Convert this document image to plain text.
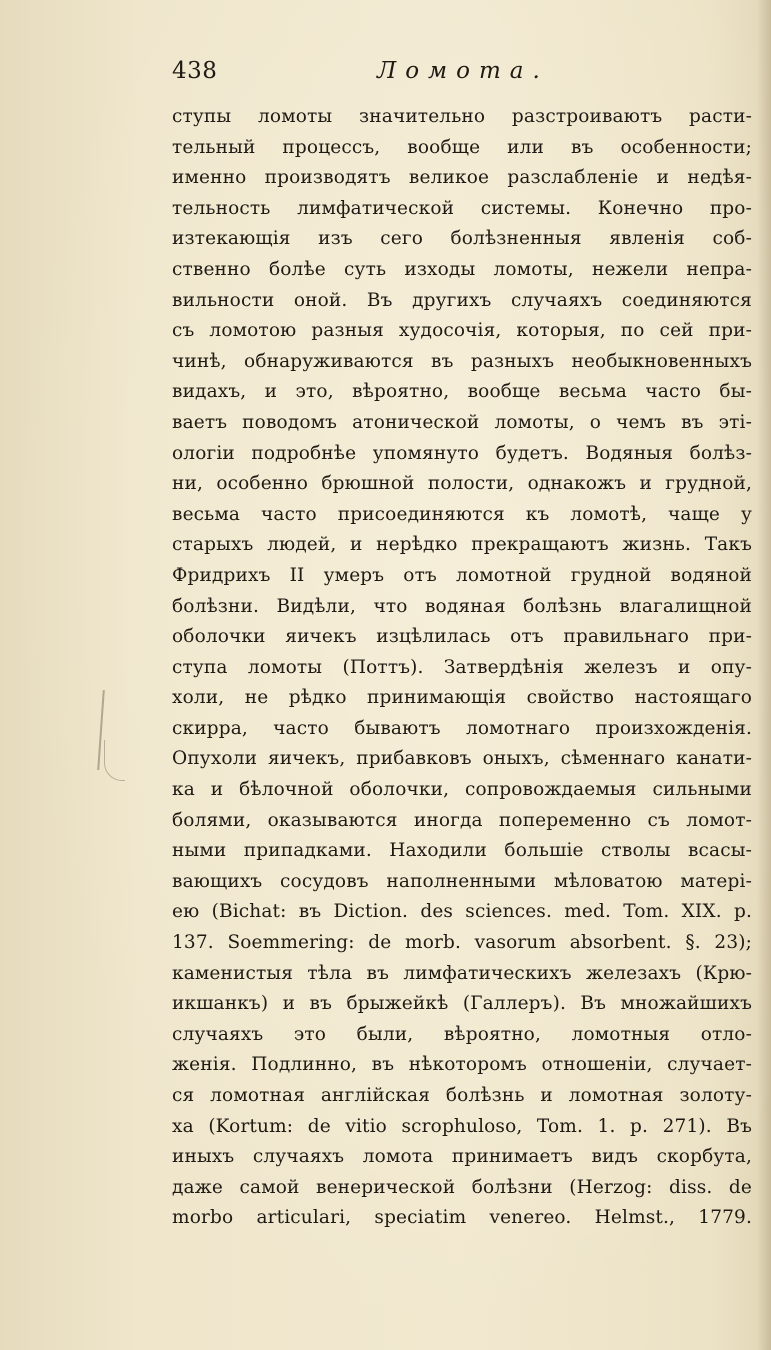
438	Ломота.
ступы ломоты значительно разстроиваютъ расти-
тельный процессъ, вообще или въ особенности;
именно производятъ великое разслабленіе и недѣя-
тельность лимфатической системы. Конечно про-
изтекающія изъ сего болѣзненныя явленія соб-
ственно болѣе суть изходы ломоты, нежели непра-
вильности оной. Въ другихъ случаяхъ соединяются
съ ломотою разныя худосочія, которыя, по сей при-
чинѣ, обнаруживаются въ разныхъ необыкновенныхъ
видахъ, и это, вѣроятно, вообще весьма часто бы-
ваетъ поводомъ атонической ломоты, о чемъ въ эті-
ологіи подробнѣе упомянуто будетъ. Водяныя болѣз-
ни, особенно брюшной полости, однакожъ и грудной,
весьма часто присоединяются къ ломотѣ, чаще у
старыхъ людей, и нерѣдко прекращаютъ жизнь. Такъ
Фридрихъ II умеръ отъ ломотной грудной водяной
болѣзни. Видѣли, что водяная болѣзнь влагалищной
оболочки яичекъ изцѣлилась отъ правильнаго при-
ступа ломоты (Поттъ). Затвердѣнія железъ и опу-
холи, не рѣдко принимающія свойство настоящаго
скирра, часто бываютъ ломотнаго произхожденія.
Опухоли яичекъ, прибавковъ оныхъ, сѣменнаго канати-
ка и бѣлочной оболочки, сопровождаемыя сильными
болями, оказываются иногда попеременно съ ломот-
ными припадками. Находили большіе стволы всасы-
вающихъ сосудовъ наполненными мѣловатою матері-
ею (Bichat: въ Diction. des sciences. med. Tom. XIX. p.
137. Soemmering: de morb. vasorum absorbent. §. 23);
каменистыя тѣла въ лимфатическихъ железахъ (Крю-
икшанкъ) и въ брыжейкѣ (Галлеръ). Въ множайшихъ
случаяхъ это были, вѣроятно, ломотныя отло-
женія. Подлинно, въ нѣкоторомъ отношеніи, случает-
ся ломотная англійская болѣзнь и ломотная золоту-
ха (Kortum: de vitio scrophuloso, Tom. 1. p. 271). Въ
иныхъ случаяхъ ломота принимаетъ видъ скорбута,
даже самой венерической болѣзни (Herzog: diss. de
morbo articulari, speciatim venereo. Helmst., 1779.
